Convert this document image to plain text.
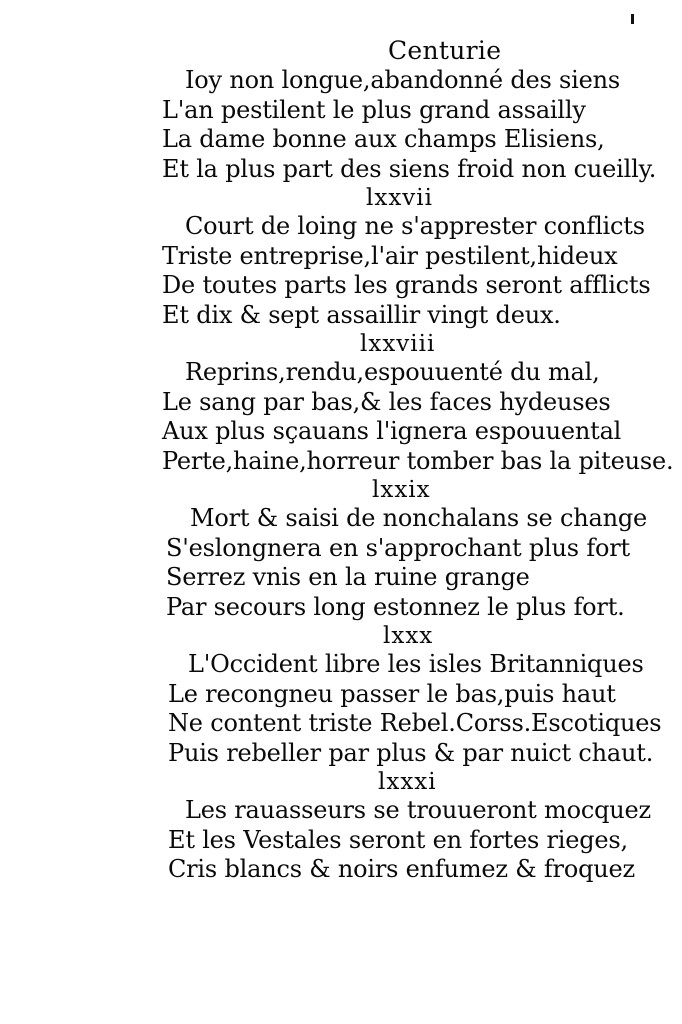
Centurie
Ioy non longue,abandonné des siens
L'an pestilent le plus grand assailly
La dame bonne aux champs Elisiens,
Et la plus part des siens froid non cueilly.
lxxvii
Court de loing ne s'apprester conflicts
Triste entreprise,l'air pestilent,hideux
De toutes parts les grands seront afflicts
Et dix & sept assaillir vingt deux.
lxxviii
Reprins,rendu,espouuenté du mal,
Le sang par bas,& les faces hydeuses
Aux plus sçauans l'ignera espouuental
Perte,haine,horreur tomber bas la piteuse.
lxxix
Mort & saisi de nonchalans se change
S'eslongnera en s'approchant plus fort
Serrez vnis en la ruine grange
Par secours long estonnez le plus fort.
lxxx
L'Occident libre les isles Britanniques
Le recongneu passer le bas,puis haut
Ne content triste Rebel.Corss.Escotiques
Puis rebeller par plus & par nuict chaut.
lxxxi
Les rauasseurs se trouueront mocquez
Et les Vestales seront en fortes rieges,
Cris blancs & noirs enfumez & froquez
